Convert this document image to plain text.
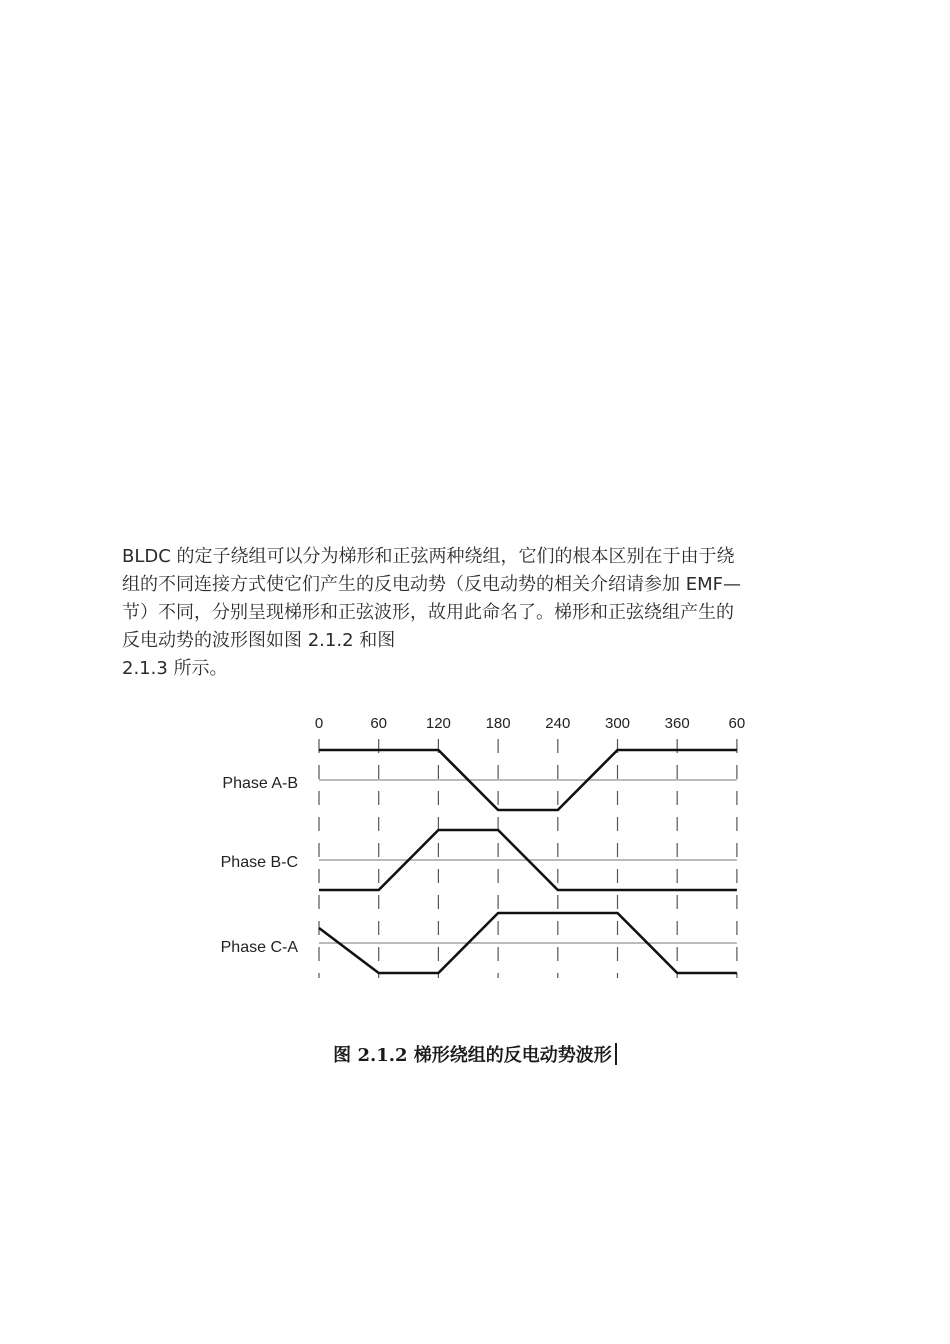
BLDC 的定子绕组可以分为梯形和正弦两种绕组，它们的根本区别在于由于绕
组的不同连接方式使它们产生的反电动势（反电动势的相关介绍请参加 EMF—
节）不同，分别呈现梯形和正弦波形，故用此命名了。梯形和正弦绕组产生的
反电动势的波形图如图 2.1.2 和图
2.1.3 所示。
0	60	120 180 240 300 360	60
Phase A-B
Phase B-C
Phase C-A
图 2.1.2 梯形绕组的反电动势波形
